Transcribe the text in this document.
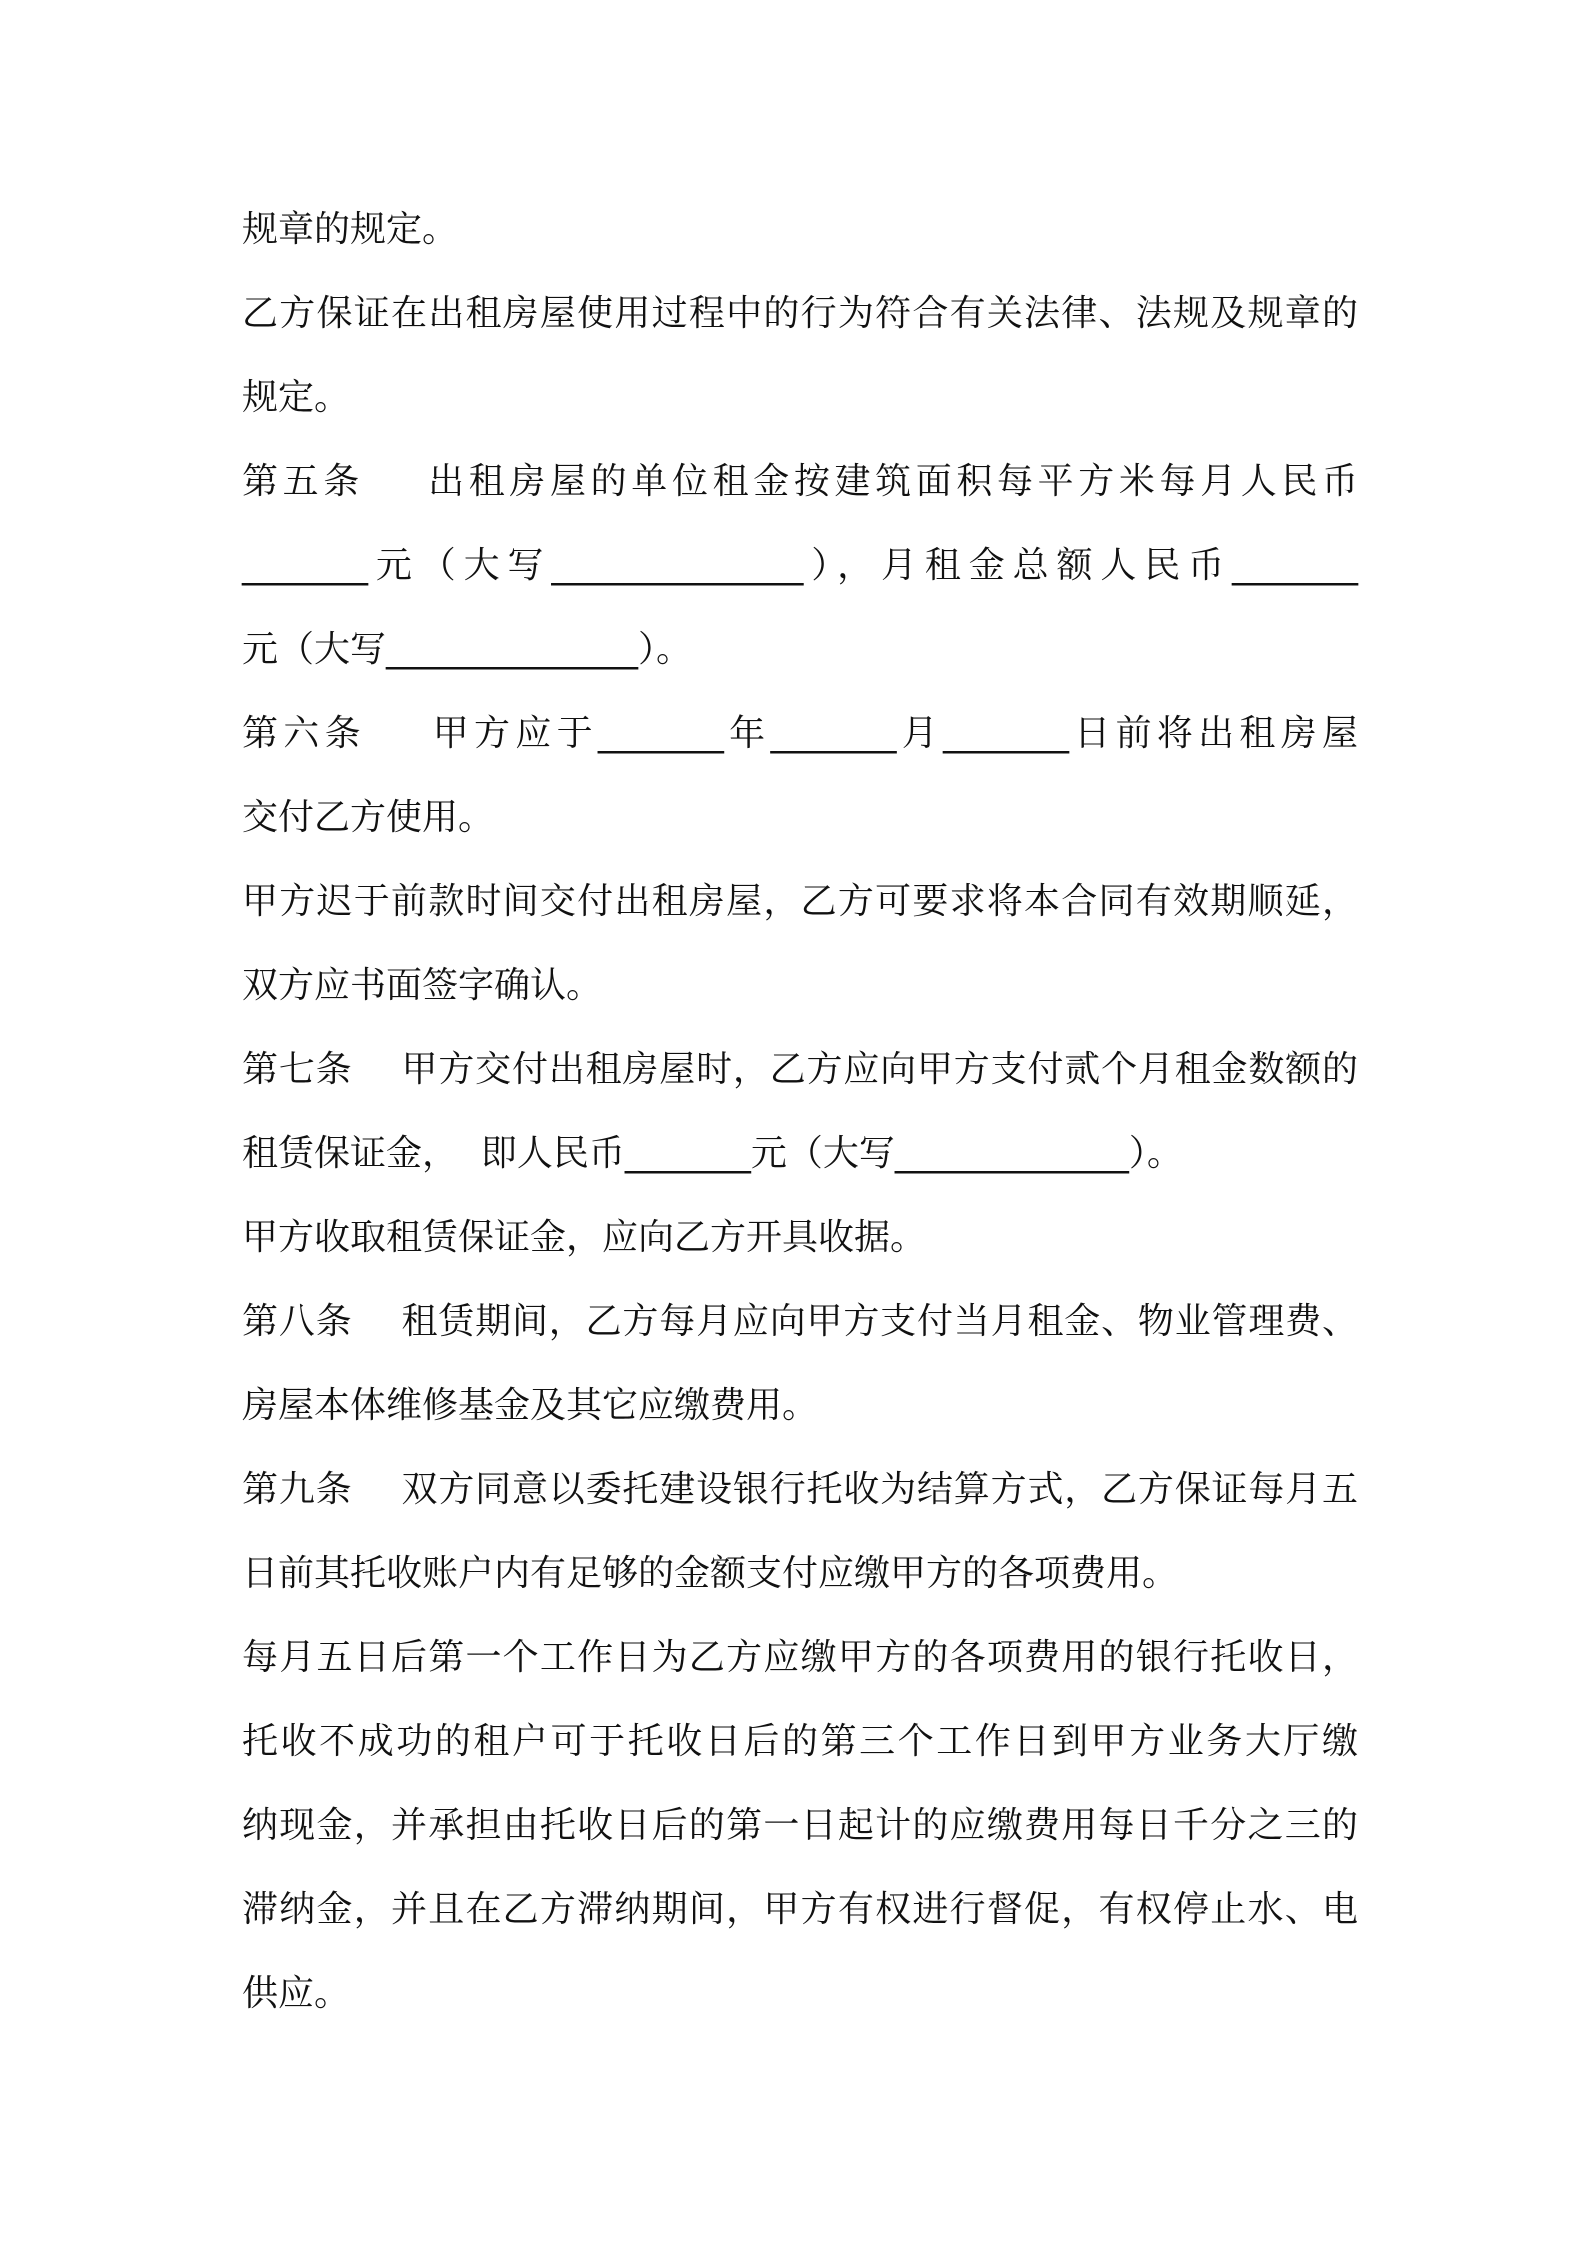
规章的规定。
乙方保证在出租房屋使用过程中的行为符合有关法律、法规及规章的
规定。
第五条    出租房屋的单位租金按建筑面积每平方米每月人民币
_______元（大写______________），月租金总额人民币_______
元（大写______________）。
第六条    甲方应于_______年_______月_______日前将出租房屋
交付乙方使用。
甲方迟于前款时间交付出租房屋，乙方可要求将本合同有效期顺延，
双方应书面签字确认。
第七条    甲方交付出租房屋时，乙方应向甲方支付贰个月租金数额的
租赁保证金，  即人民币_______元（大写_____________）。
甲方收取租赁保证金，应向乙方开具收据。
第八条    租赁期间，乙方每月应向甲方支付当月租金、物业管理费、
房屋本体维修基金及其它应缴费用。
第九条    双方同意以委托建设银行托收为结算方式，乙方保证每月五
日前其托收账户内有足够的金额支付应缴甲方的各项费用。
每月五日后第一个工作日为乙方应缴甲方的各项费用的银行托收日，
托收不成功的租户可于托收日后的第三个工作日到甲方业务大厅缴
纳现金，并承担由托收日后的第一日起计的应缴费用每日千分之三的
滞纳金，并且在乙方滞纳期间，甲方有权进行督促，有权停止水、电
供应。
